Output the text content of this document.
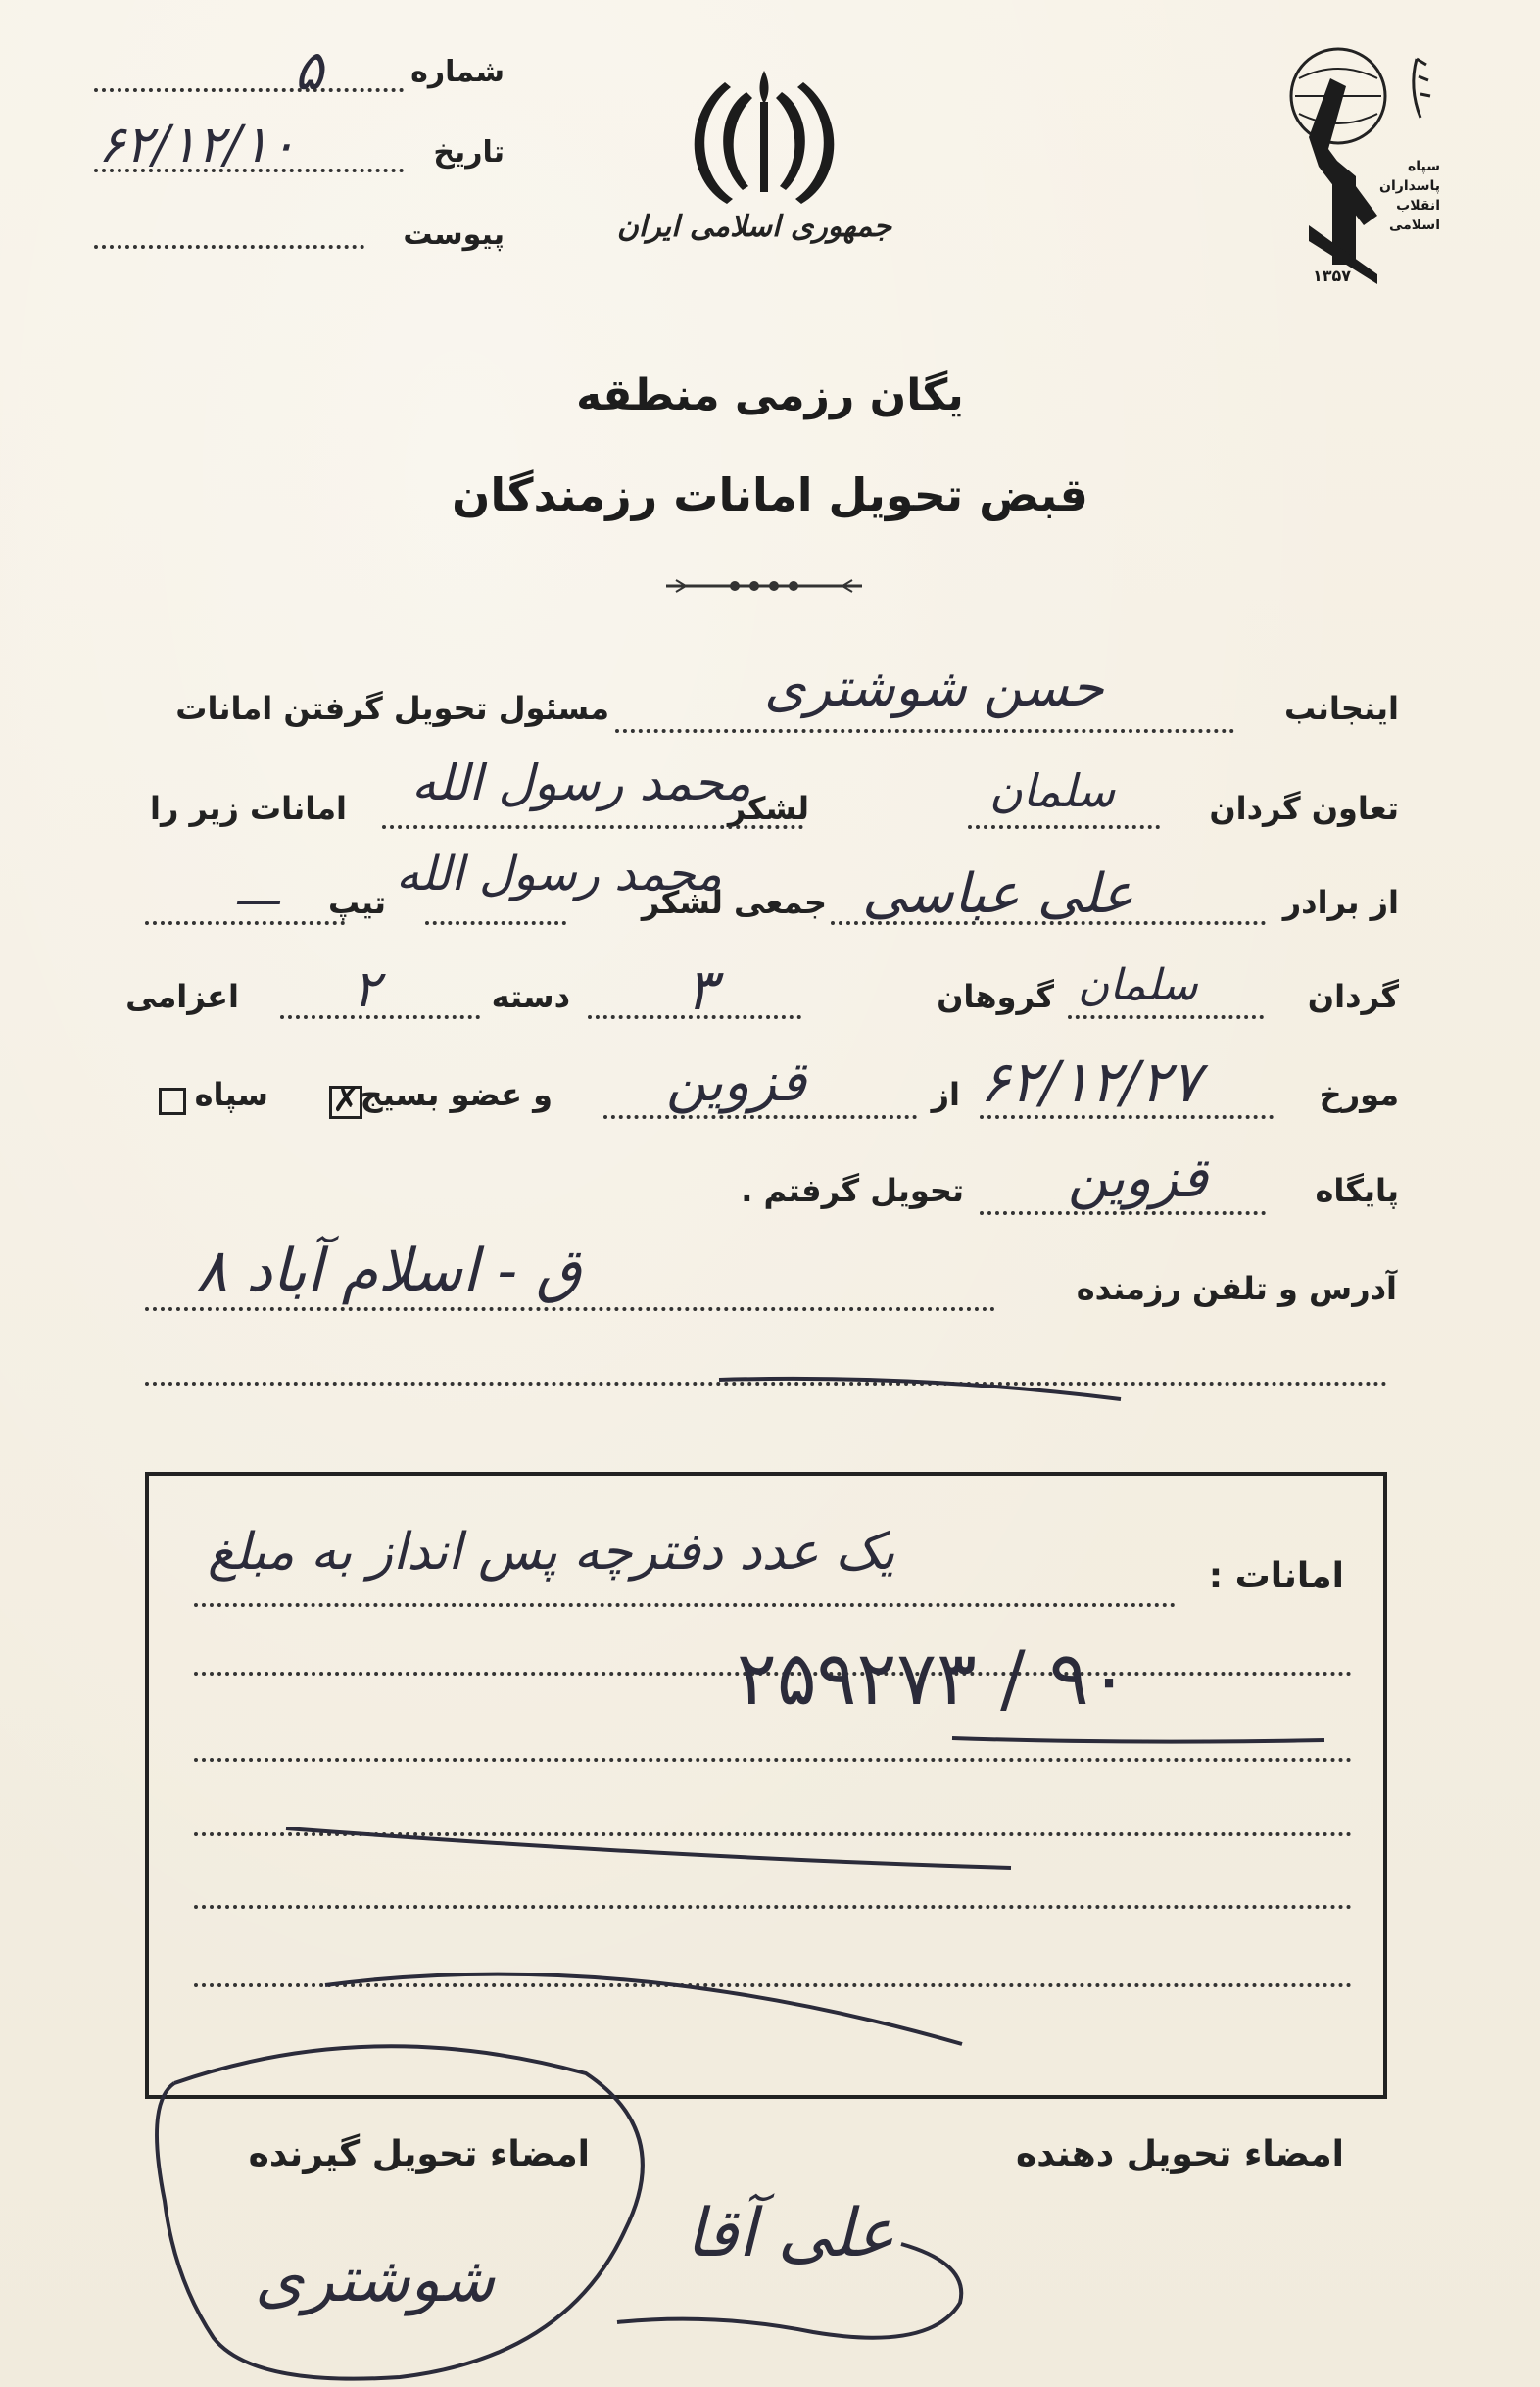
شماره
۵
تاریخ
۶۲/۱۲/۱۰
پیوست	جمهوری اسلامی ایران
سپاه
پاسداران
انقلاب
اسلامی
۱۳۵۷
یگان رزمی منطقه
قبض تحویل امانات رزمندگان
اینجانب
حسن شوشتری
مسئول تحویل گرفتن امانات
تعاون گردان
سلمان
لشکر
محمد رسول الله
امانات زیر را
از برادر
علی عباسی
جمعی لشکر
محمد رسول الله
تیپ
—
گردان
سلمان
گروهان
۳
دسته
۲
اعزامی
مورخ
۶۲/۱۲/۲۷
از
قزوین
و عضو بسیج
✗
سپاه
پایگاه
قزوین
تحویل گرفتم .
آدرس و تلفن رزمنده
ق - اسلام آباد ۸
امانات :
یک عدد دفترچه پس انداز به مبلغ
۲۵۹۲۷۳ / ۹۰
امضاء تحویل گیرنده
شوشتری
امضاء تحویل دهنده
علی آقا
